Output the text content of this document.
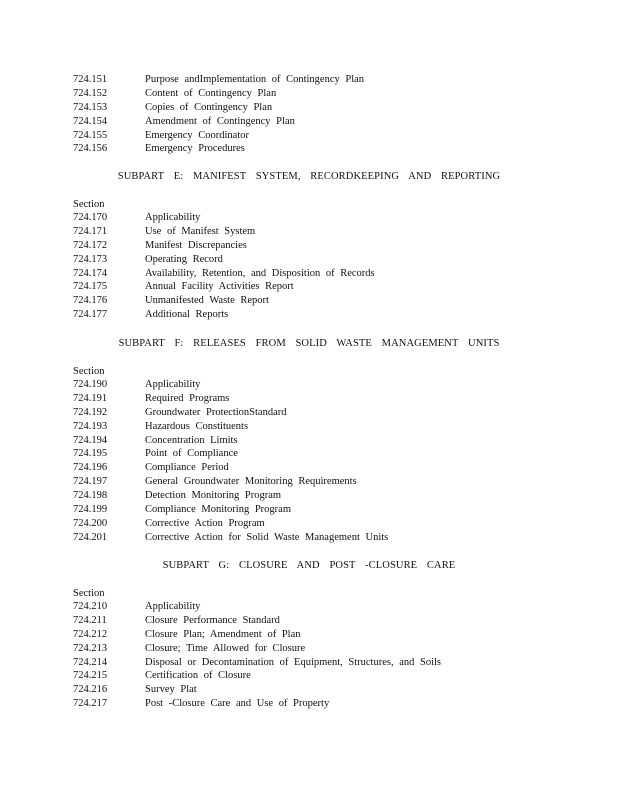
724.151	Purpose andImplementation of Contingency Plan
724.152	Content of Contingency Plan
724.153	Copies of Contingency Plan
724.154	Amendment of Contingency Plan
724.155	Emergency Coordinator
724.156	Emergency Procedures
SUBPART E: MANIFEST SYSTEM, RECORDKEEPING AND REPORTING
Section
724.170	Applicability
724.171	Use of Manifest System
724.172	Manifest Discrepancies
724.173	Operating Record
724.174	Availability, Retention, and Disposition of Records
724.175	Annual Facility Activities Report
724.176	Unmanifested Waste Report
724.177	Additional Reports
SUBPART F: RELEASES FROM SOLID WASTE MANAGEMENT UNITS
Section
724.190	Applicability
724.191	Required Programs
724.192	Groundwater ProtectionStandard
724.193	Hazardous Constituents
724.194	Concentration Limits
724.195	Point of Compliance
724.196	Compliance Period
724.197	General Groundwater Monitoring Requirements
724.198	Detection Monitoring Program
724.199	Compliance Monitoring Program
724.200	Corrective Action Program
724.201	Corrective Action for Solid Waste Management Units
SUBPART G: CLOSURE AND POST -CLOSURE CARE
Section
724.210	Applicability
724.211	Closure Performance Standard
724.212	Closure Plan; Amendment of Plan
724.213	Closure; Time Allowed for Closure
724.214	Disposal or Decontamination of Equipment, Structures, and Soils
724.215	Certification of Closure
724.216	Survey Plat
724.217	Post -Closure Care and Use of Property
